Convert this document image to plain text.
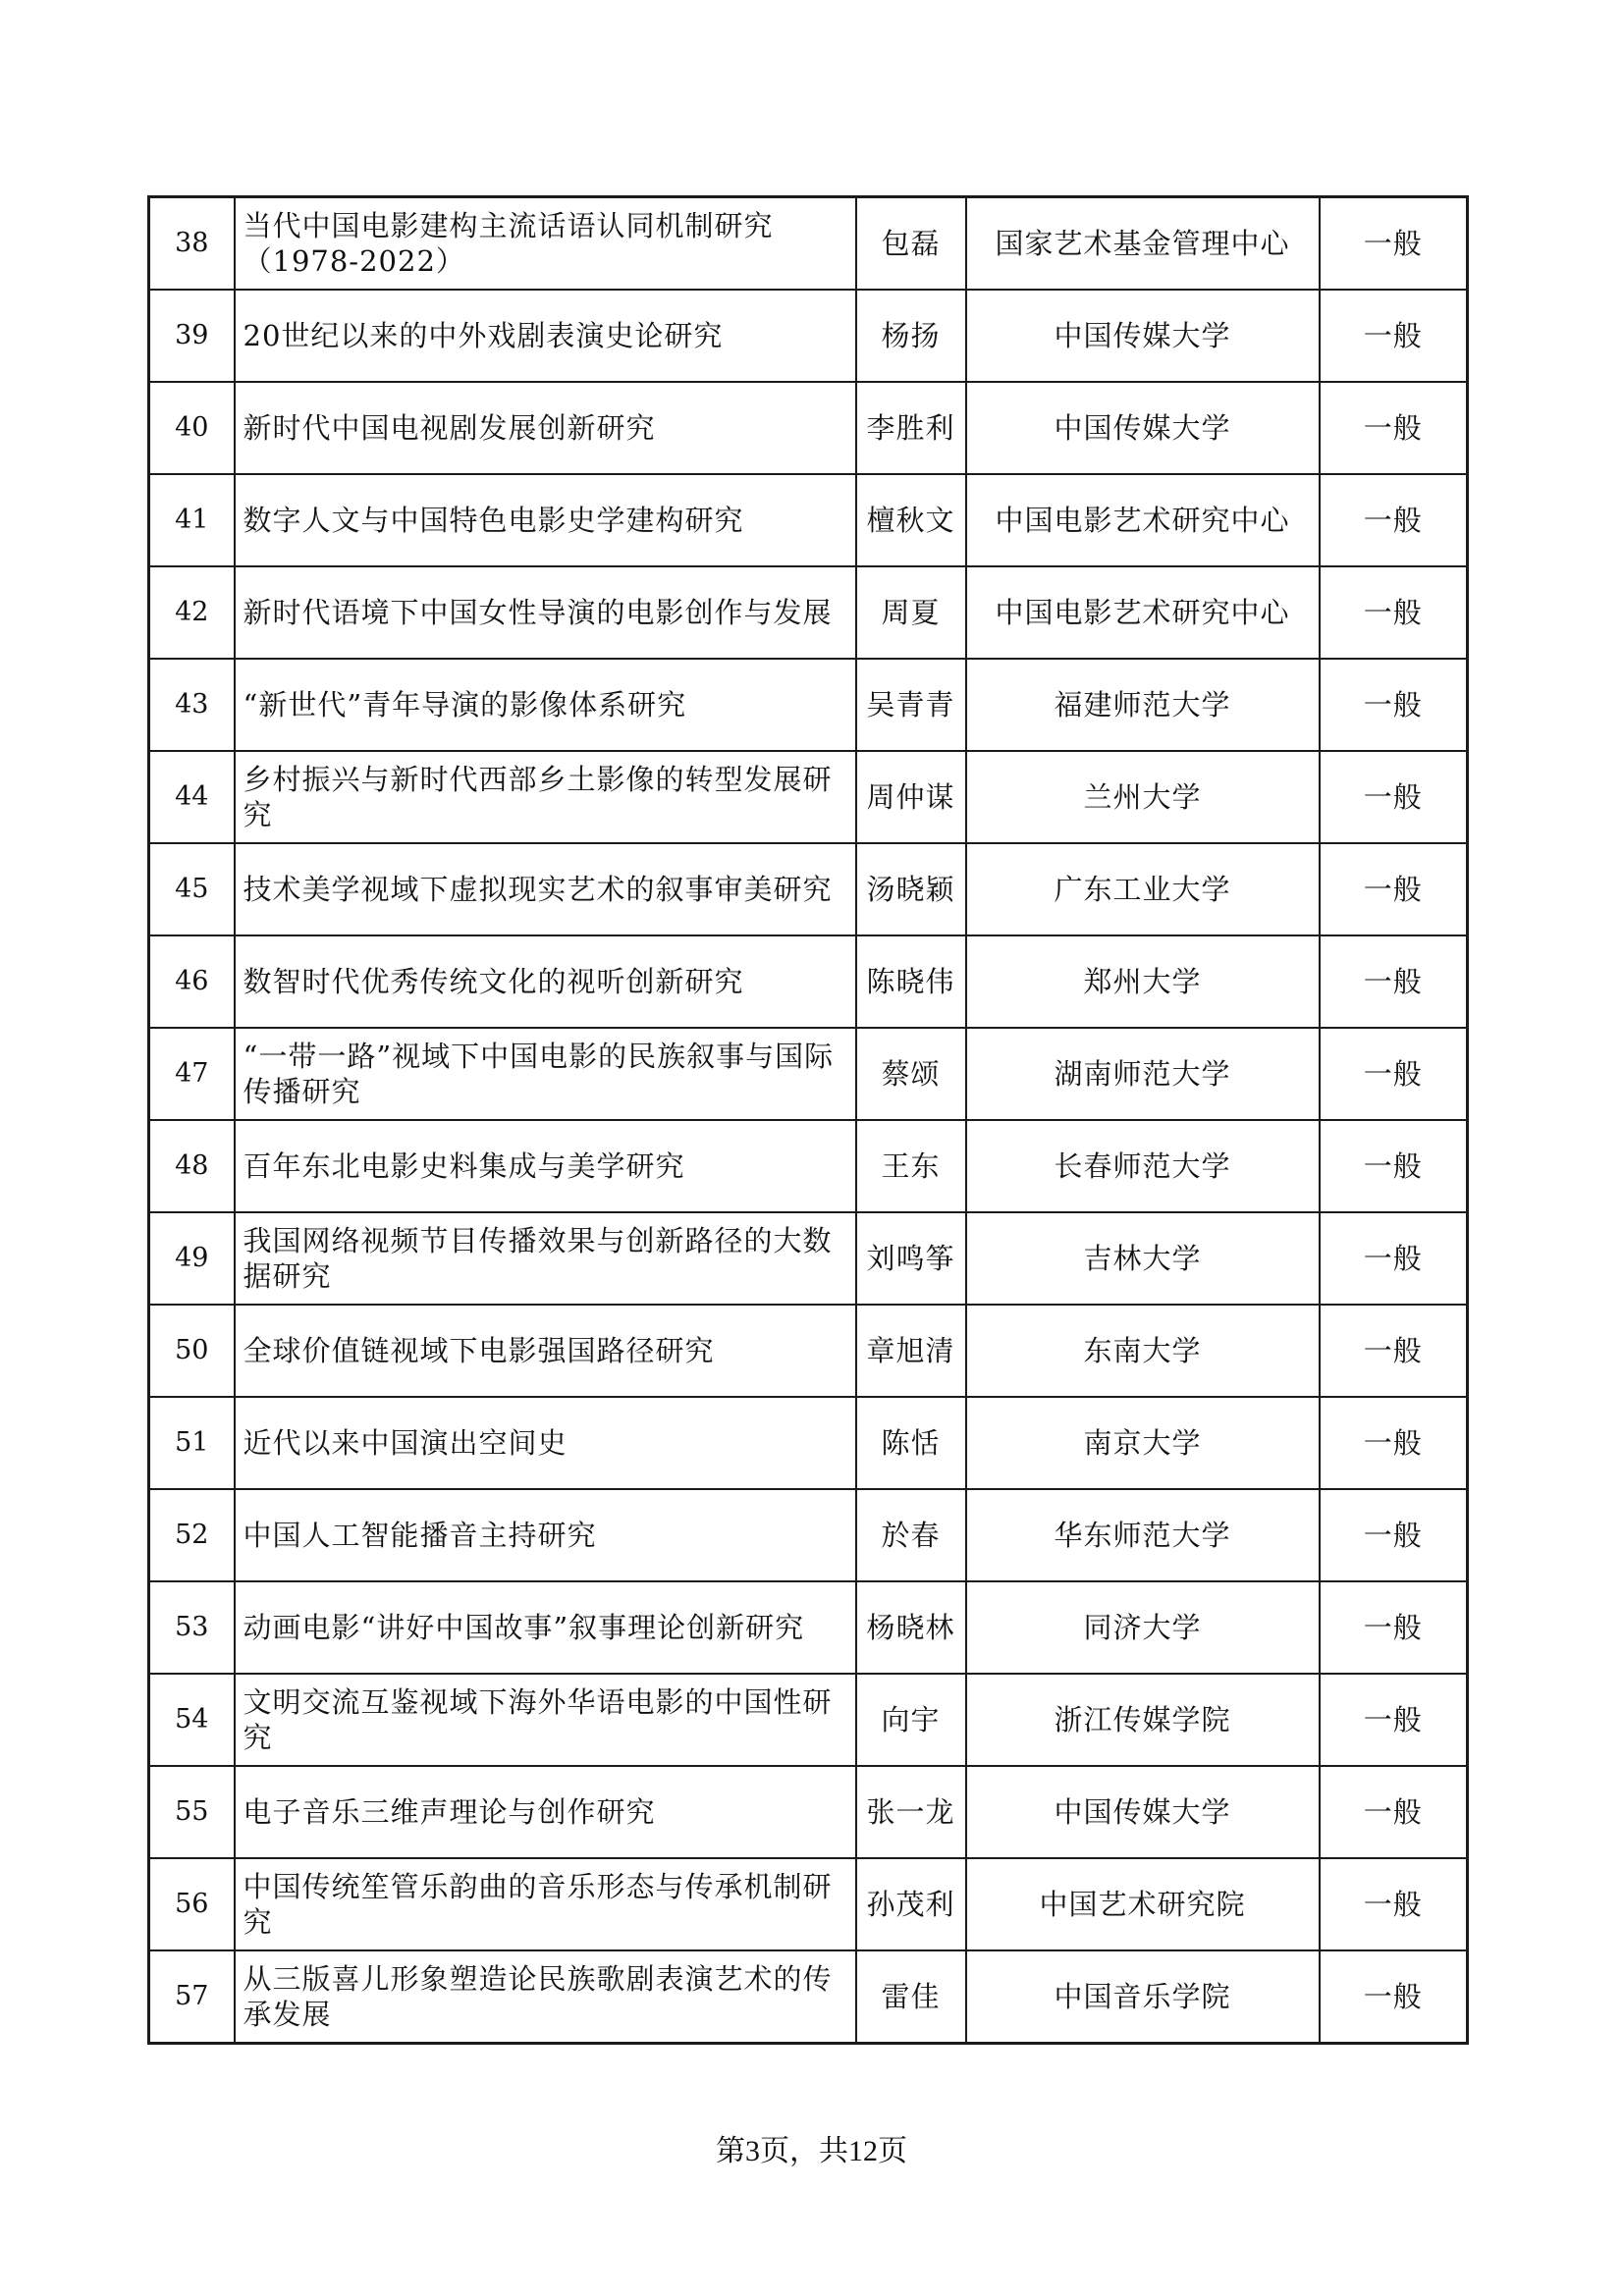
38	当代中国电影建构主流话语认同机制研究（1978-2022）	包磊	国家艺术基金管理中心	一般
39	20世纪以来的中外戏剧表演史论研究	杨扬	中国传媒大学	一般
40	新时代中国电视剧发展创新研究	李胜利	中国传媒大学	一般
41	数字人文与中国特色电影史学建构研究	檀秋文	中国电影艺术研究中心	一般
42	新时代语境下中国女性导演的电影创作与发展	周夏	中国电影艺术研究中心	一般
43	“新世代”青年导演的影像体系研究	吴青青	福建师范大学	一般
44	乡村振兴与新时代西部乡土影像的转型发展研究	周仲谋	兰州大学	一般
45	技术美学视域下虚拟现实艺术的叙事审美研究	汤晓颖	广东工业大学	一般
46	数智时代优秀传统文化的视听创新研究	陈晓伟	郑州大学	一般
47	“一带一路”视域下中国电影的民族叙事与国际传播研究	蔡颂	湖南师范大学	一般
48	百年东北电影史料集成与美学研究	王东	长春师范大学	一般
49	我国网络视频节目传播效果与创新路径的大数据研究	刘鸣筝	吉林大学	一般
50	全球价值链视域下电影强国路径研究	章旭清	东南大学	一般
51	近代以来中国演出空间史	陈恬	南京大学	一般
52	中国人工智能播音主持研究	於春	华东师范大学	一般
53	动画电影“讲好中国故事”叙事理论创新研究	杨晓林	同济大学	一般
54	文明交流互鉴视域下海外华语电影的中国性研究	向宇	浙江传媒学院	一般
55	电子音乐三维声理论与创作研究	张一龙	中国传媒大学	一般
56	中国传统笙管乐韵曲的音乐形态与传承机制研究	孙茂利	中国艺术研究院	一般
57	从三版喜儿形象塑造论民族歌剧表演艺术的传承发展	雷佳	中国音乐学院	一般
第3页，共12页
